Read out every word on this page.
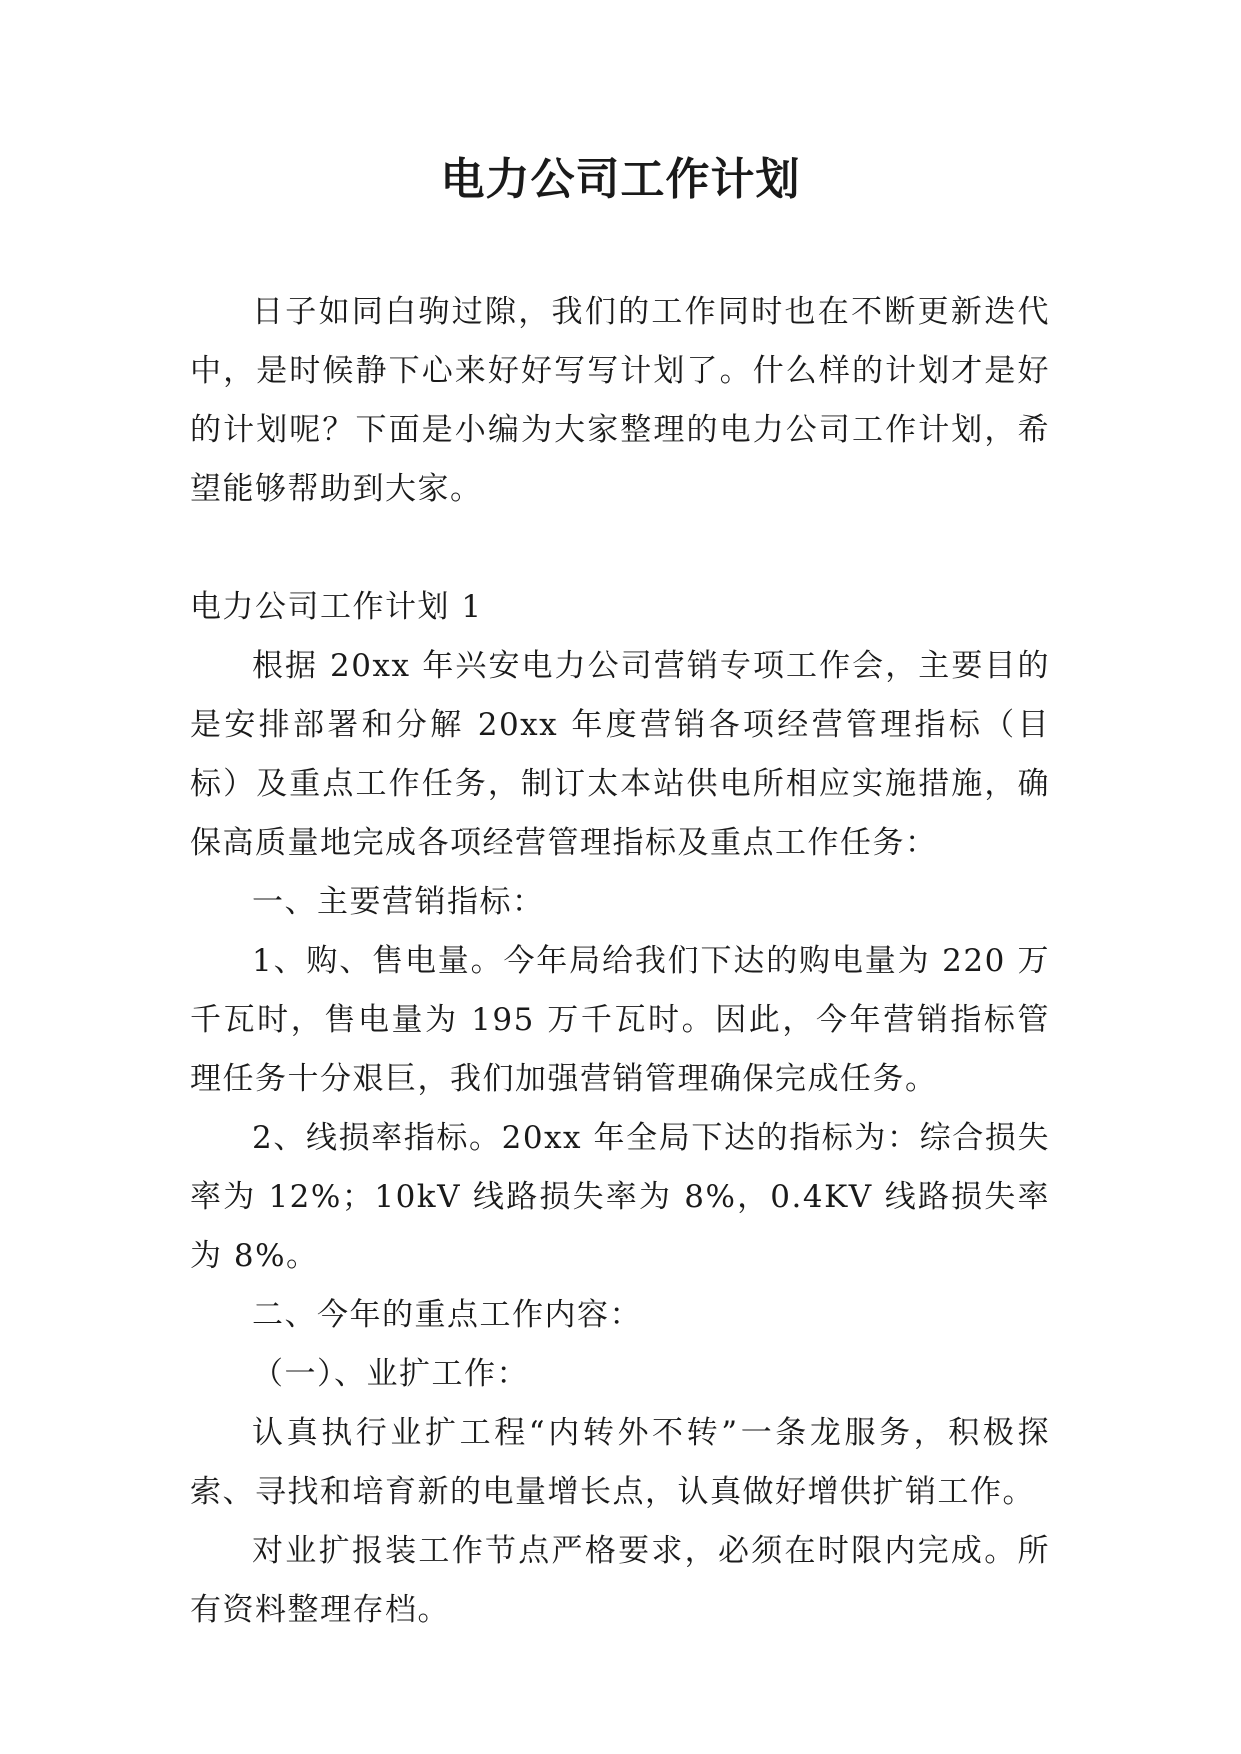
电力公司工作计划

日子如同白驹过隙，我们的工作同时也在不断更新迭代中，是时候静下心来好好写写计划了。什么样的计划才是好的计划呢？下面是小编为大家整理的电力公司工作计划，希望能够帮助到大家。

电力公司工作计划 1

根据 20xx 年兴安电力公司营销专项工作会，主要目的是安排部署和分解 20xx 年度营销各项经营管理指标（目标）及重点工作任务，制订太本站供电所相应实施措施，确保高质量地完成各项经营管理指标及重点工作任务：

一、主要营销指标：

1、购、售电量。今年局给我们下达的购电量为 220 万千瓦时，售电量为 195 万千瓦时。因此，今年营销指标管理任务十分艰巨，我们加强营销管理确保完成任务。

2、线损率指标。20xx 年全局下达的指标为：综合损失率为 12%；10kV 线路损失率为 8%，0.4KV 线路损失率为 8%。

二、今年的重点工作内容：

（一）、业扩工作：

认真执行业扩工程“内转外不转”一条龙服务，积极探索、寻找和培育新的电量增长点，认真做好增供扩销工作。

对业扩报装工作节点严格要求，必须在时限内完成。所有资料整理存档。
